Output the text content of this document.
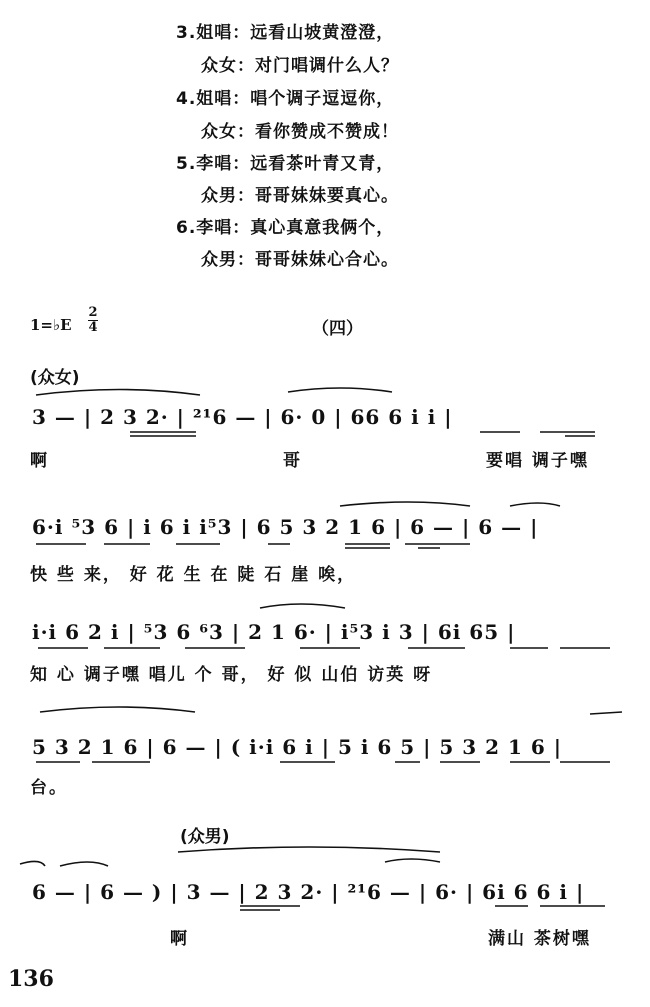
3.姐唱：远看山坡黄澄澄，
众女：对门唱调什么人？
4.姐唱：唱个调子逗逗你，
众女：看你赞成不赞成！
5.李唱：远看茶叶青又青，
众男：哥哥妹妹要真心。
6.李唱：真心真意我俩个，
众男：哥哥妹妹心合心。
1=♭E
2
4	（四）
(众女)
3 — | 2 3 2· | ²¹6 — | 6· 0 | 66 6 i i |
啊	哥	要唱 调子嘿
6·i ⁵3 6 | i 6 i i⁵3 | 6 5 3 2 1 6 | 6 — | 6 — |
快 些 来， 好 花 生 在 陡 石 崖 唉，
i·i 6 2 i | ⁵3 6 ⁶3 | 2 1 6· | i⁵3 i 3 | 6i 65 |
知 心 调子嘿 唱儿 个 哥， 好 似 山伯 访英 呀
5 3 2 1 6 | 6 — | ( i·i 6 i | 5 i 6 5 | 5 3 2 1 6 |
台。
(众男)
6 — | 6 — ) | 3 — | 2 3 2· | ²¹6 — | 6· | 6i 6 6 i |
啊	满山 茶树嘿
136
